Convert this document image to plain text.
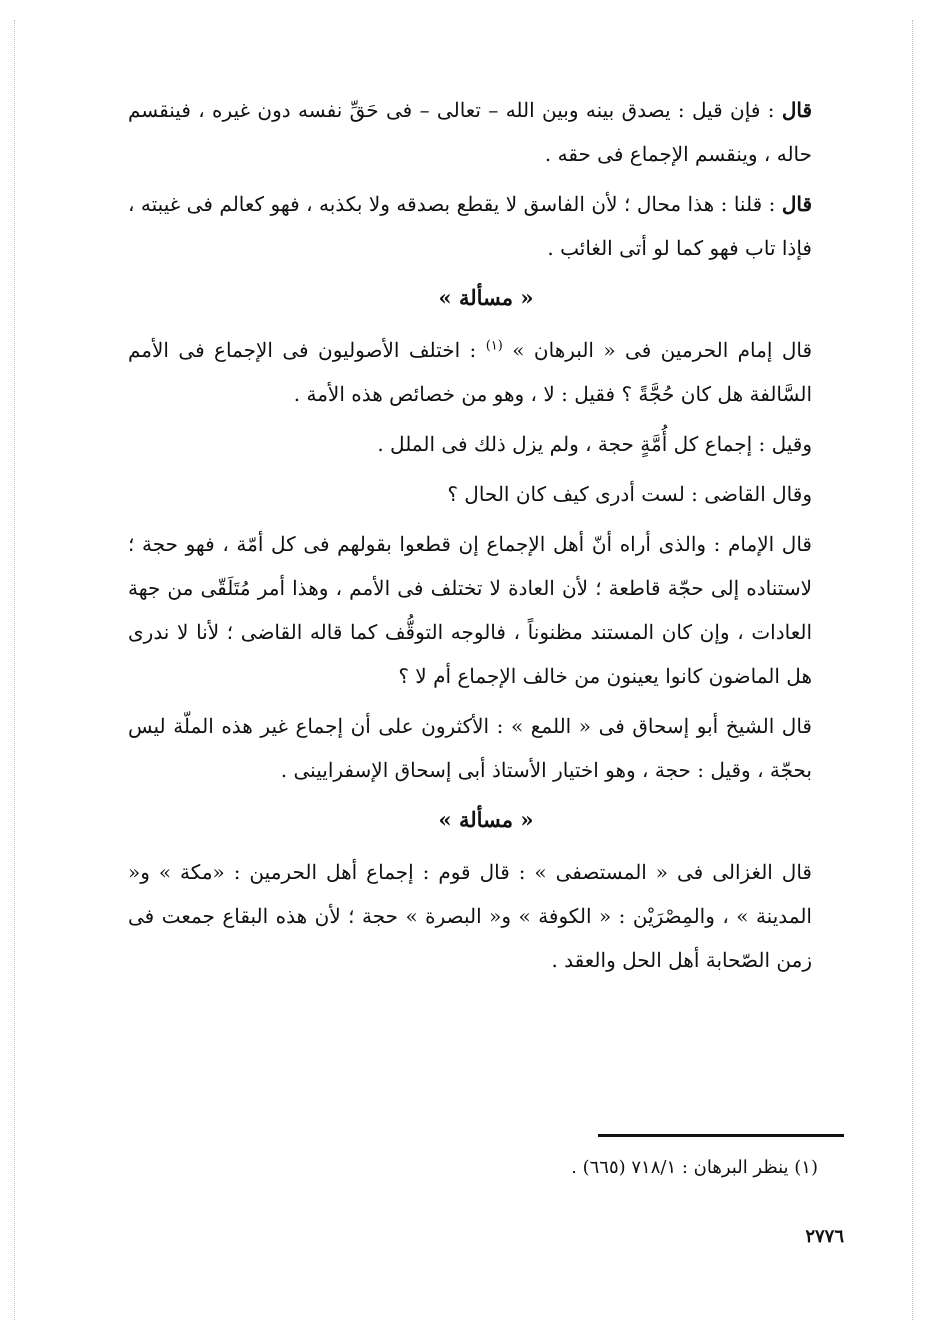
قال : فإن قيل : يصدق بينه وبين الله – تعالى – فى حَقِّ نفسه دون غيره ، فينقسم حاله ، وينقسم الإجماع فى حقه .
قال : قلنا : هذا محال ؛ لأن الفاسق لا يقطع بصدقه ولا بكذبه ، فهو كعالم فى غيبته ، فإذا تاب فهو كما لو أتى الغائب .
« مسألة »
قال إمام الحرمين فى « البرهان » $^{(١)}$ : اختلف الأصوليون فى الإجماع فى الأمم السَّالفة هل كان حُجَّةً ؟ فقيل : لا ، وهو من خصائص هذه الأمة .
وقيل : إجماع كل أُمَّةٍ حجة ، ولم يزل ذلك فى الملل .
وقال القاضى : لست أدرى كيف كان الحال ؟
قال الإمام : والذى أراه أنّ أهل الإجماع إن قطعوا بقولهم فى كل أمّة ، فهو حجة ؛ لاستناده إلى حجّة قاطعة ؛ لأن العادة لا تختلف فى الأمم ، وهذا أمر مُتَلَقّى من جهة العادات ، وإن كان المستند مظنوناً ، فالوجه التوقُّف كما قاله القاضى ؛ لأنا لا ندرى هل الماضون كانوا يعينون من خالف الإجماع أم لا ؟
قال الشيخ أبو إسحاق فى « اللمع » : الأكثرون على أن إجماع غير هذه الملّة ليس بحجّة ، وقيل : حجة ، وهو اختيار الأستاذ أبى إسحاق الإسفرايينى .
« مسألة »
قال الغزالى فى « المستصفى » : قال قوم : إجماع أهل الحرمين : «مكة » و« المدينة » ، والمِصْرَيْن : « الكوفة » و« البصرة » حجة ؛ لأن هذه البقاع جمعت فى زمن الصّحابة أهل الحل والعقد .
(١) ينظر البرهان : ٧١٨/١ (٦٦٥) .
٢٧٧٦
